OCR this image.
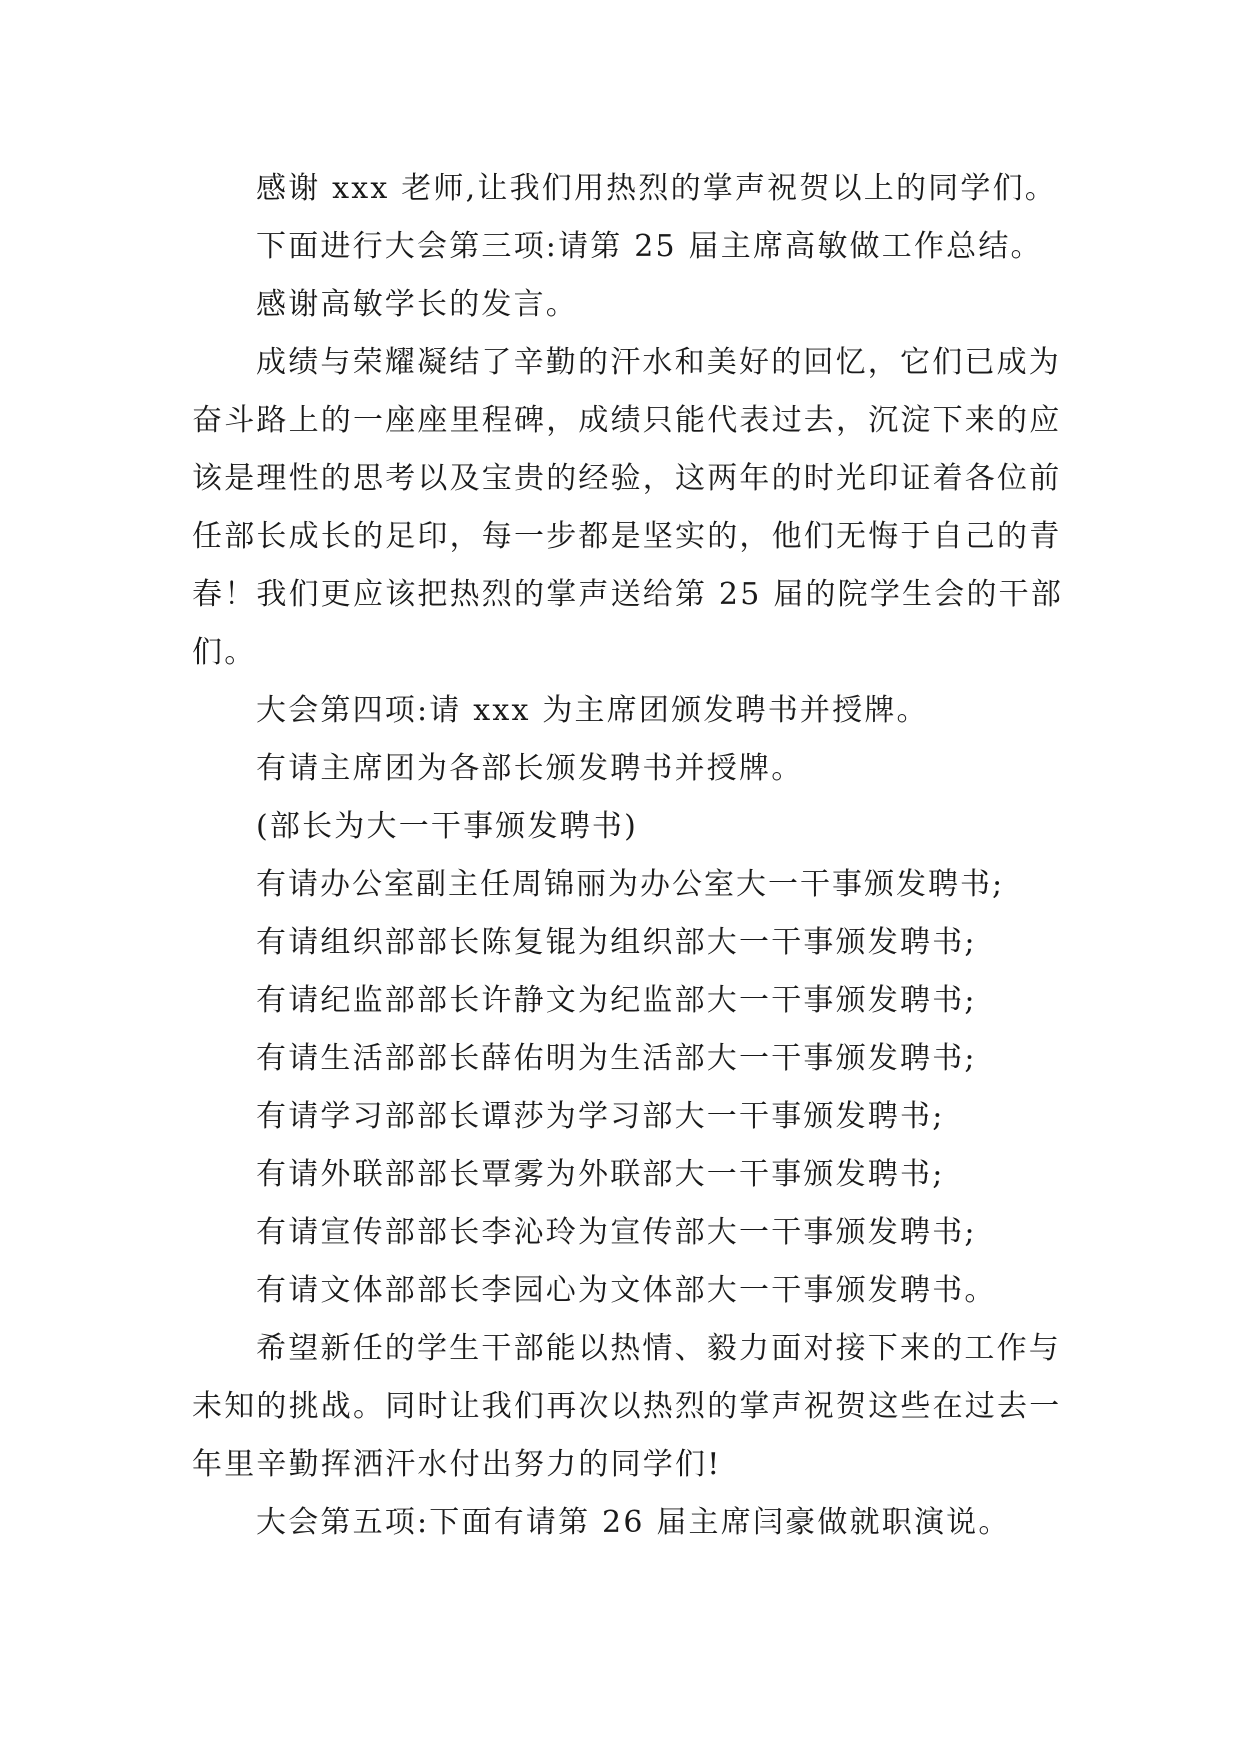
感谢 xxx 老师,让我们用热烈的掌声祝贺以上的同学们。

下面进行大会第三项:请第 25 届主席高敏做工作总结。

感谢高敏学长的发言。

成绩与荣耀凝结了辛勤的汗水和美好的回忆，它们已成为奋斗路上的一座座里程碑，成绩只能代表过去，沉淀下来的应该是理性的思考以及宝贵的经验，这两年的时光印证着各位前任部长成长的足印，每一步都是坚实的，他们无悔于自己的青春！我们更应该把热烈的掌声送给第 25 届的院学生会的干部们。

大会第四项:请 xxx 为主席团颁发聘书并授牌。

有请主席团为各部长颁发聘书并授牌。

(部长为大一干事颁发聘书)

有请办公室副主任周锦丽为办公室大一干事颁发聘书;

有请组织部部长陈复锟为组织部大一干事颁发聘书;

有请纪监部部长许静文为纪监部大一干事颁发聘书;

有请生活部部长薛佑明为生活部大一干事颁发聘书;

有请学习部部长谭莎为学习部大一干事颁发聘书;

有请外联部部长覃雾为外联部大一干事颁发聘书;

有请宣传部部长李沁玲为宣传部大一干事颁发聘书;

有请文体部部长李园心为文体部大一干事颁发聘书。

希望新任的学生干部能以热情、毅力面对接下来的工作与未知的挑战。同时让我们再次以热烈的掌声祝贺这些在过去一年里辛勤挥洒汗水付出努力的同学们!

大会第五项:下面有请第 26 届主席闫豪做就职演说。
